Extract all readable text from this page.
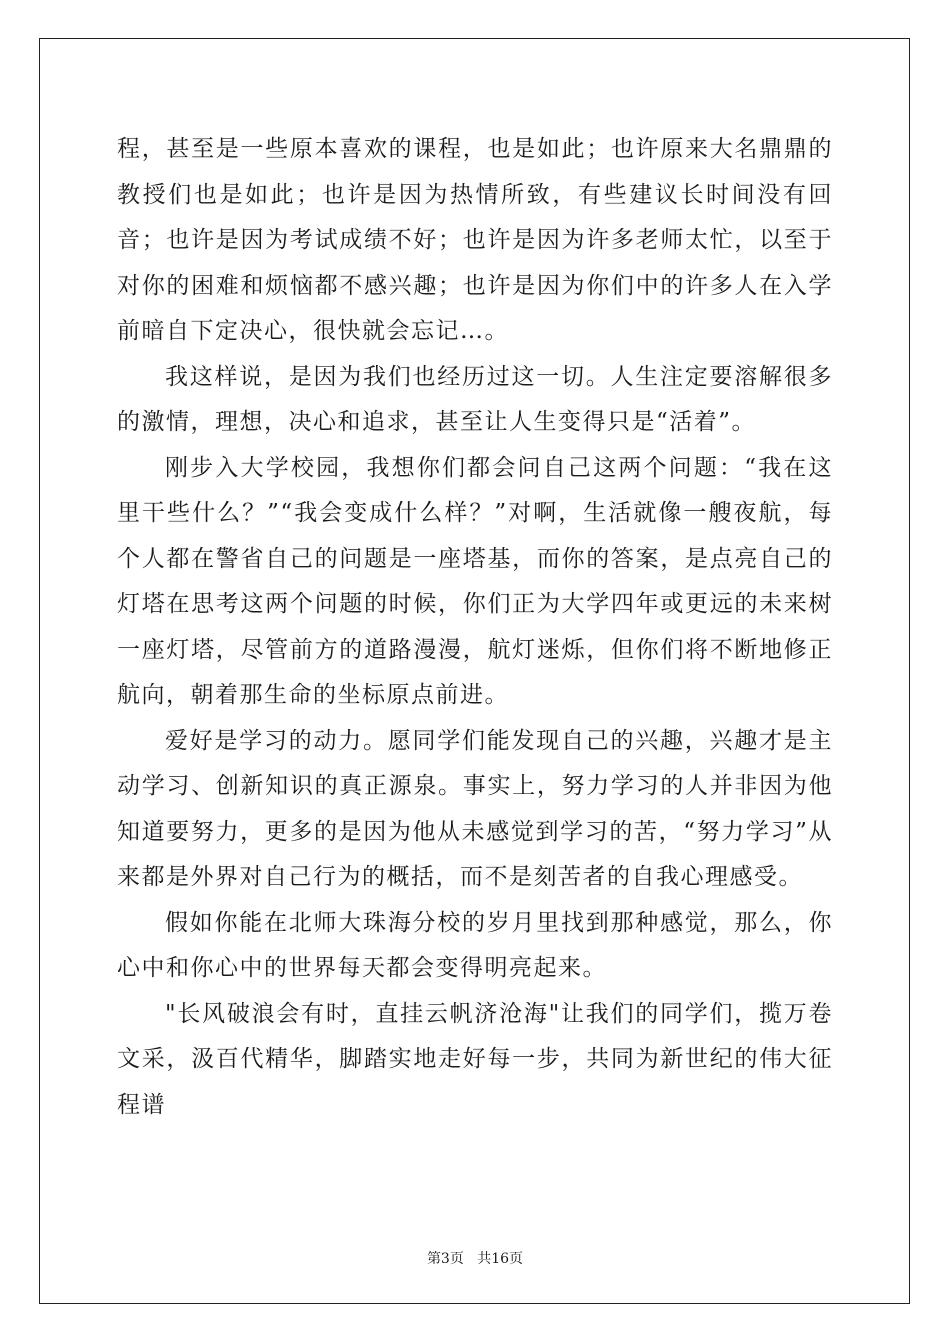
程，甚至是一些原本喜欢的课程，也是如此；也许原来大名鼎鼎的教授们也是如此；也许是因为热情所致，有些建议长时间没有回音；也许是因为考试成绩不好；也许是因为许多老师太忙，以至于对你的困难和烦恼都不感兴趣；也许是因为你们中的许多人在入学前暗自下定决心，很快就会忘记…。

我这样说，是因为我们也经历过这一切。人生注定要溶解很多的激情，理想，决心和追求，甚至让人生变得只是“活着”。

刚步入大学校园，我想你们都会问自己这两个问题：“我在这里干些什么？”“我会变成什么样？”对啊，生活就像一艘夜航，每个人都在警省自己的问题是一座塔基，而你的答案，是点亮自己的灯塔在思考这两个问题的时候，你们正为大学四年或更远的未来树一座灯塔，尽管前方的道路漫漫，航灯迷烁，但你们将不断地修正航向，朝着那生命的坐标原点前进。

爱好是学习的动力。愿同学们能发现自己的兴趣，兴趣才是主动学习、创新知识的真正源泉。事实上，努力学习的人并非因为他知道要努力，更多的是因为他从未感觉到学习的苦，“努力学习”从来都是外界对自己行为的概括，而不是刻苦者的自我心理感受。

假如你能在北师大珠海分校的岁月里找到那种感觉，那么，你心中和你心中的世界每天都会变得明亮起来。

"长风破浪会有时，直挂云帆济沧海"让我们的同学们，揽万卷文采，汲百代精华，脚踏实地走好每一步，共同为新世纪的伟大征程谱

第3页 共16页
